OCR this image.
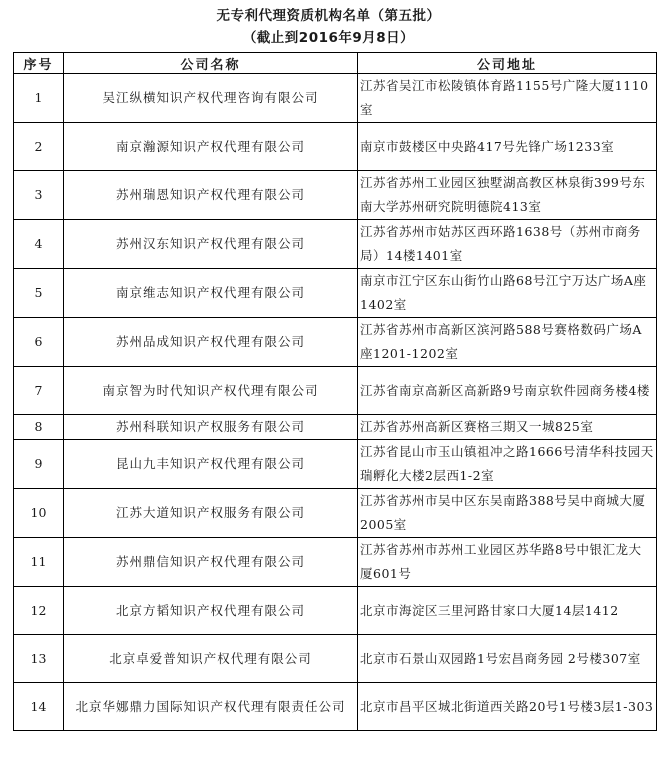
无专利代理资质机构名单（第五批）
（截止到2016年9月8日）
序号	公司名称	公司地址
1	吴江纵横知识产权代理咨询有限公司	江苏省吴江市松陵镇体育路1155号广隆大厦1110室
2	南京瀚源知识产权代理有限公司	南京市鼓楼区中央路417号先锋广场1233室
3	苏州瑞恩知识产权代理有限公司	江苏省苏州工业园区独墅湖高教区林泉街399号东南大学苏州研究院明德院413室
4	苏州汉东知识产权代理有限公司	江苏省苏州市姑苏区西环路1638号（苏州市商务局）14楼1401室
5	南京维志知识产权代理有限公司	南京市江宁区东山街竹山路68号江宁万达广场A座1402室
6	苏州品成知识产权代理有限公司	江苏省苏州市高新区滨河路588号赛格数码广场A座1201-1202室
7	南京智为时代知识产权代理有限公司	江苏省南京高新区高新路9号南京软件园商务楼4楼
8	苏州科联知识产权服务有限公司	江苏省苏州高新区赛格三期又一城825室
9	昆山九丰知识产权代理有限公司	江苏省昆山市玉山镇祖冲之路1666号清华科技园天瑞孵化大楼2层西1-2室
10	江苏大道知识产权服务有限公司	江苏省苏州市吴中区东吴南路388号吴中商城大厦2005室
11	苏州鼎信知识产权代理有限公司	江苏省苏州市苏州工业园区苏华路8号中银汇龙大厦601号
12	北京方韬知识产权代理有限公司	北京市海淀区三里河路甘家口大厦14层1412
13	北京卓爱普知识产权代理有限公司	北京市石景山双园路1号宏昌商务园 2号楼307室
14	北京华娜鼎力国际知识产权代理有限责任公司	北京市昌平区城北街道西关路20号1号楼3层1-303
